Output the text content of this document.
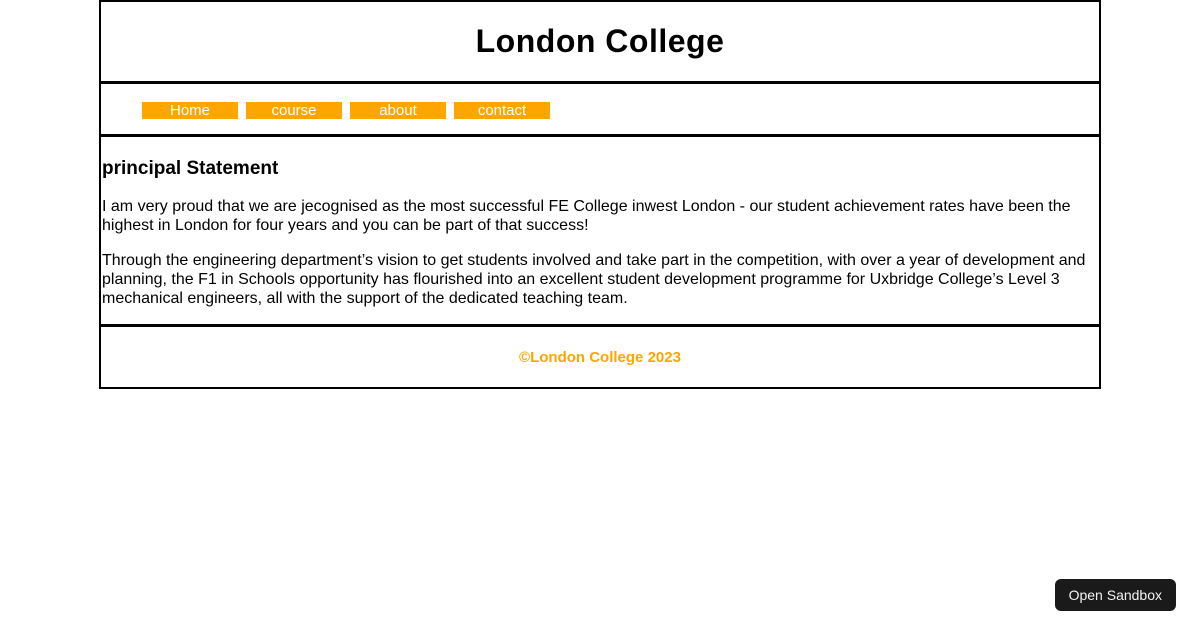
London College
Home	course	about	contact
principal Statement

I am very proud that we are jecognised as the most successful FE College inwest London - our student achievement rates have been the highest in London for four years and you can be part of that success!

Through the engineering department’s vision to get students involved and take part in the competition, with over a year of development and planning, the F1 in Schools opportunity has flourished into an excellent student development programme for Uxbridge College’s Level 3 mechanical engineers, all with the support of the dedicated teaching team.

©London College 2023
Open Sandbox
